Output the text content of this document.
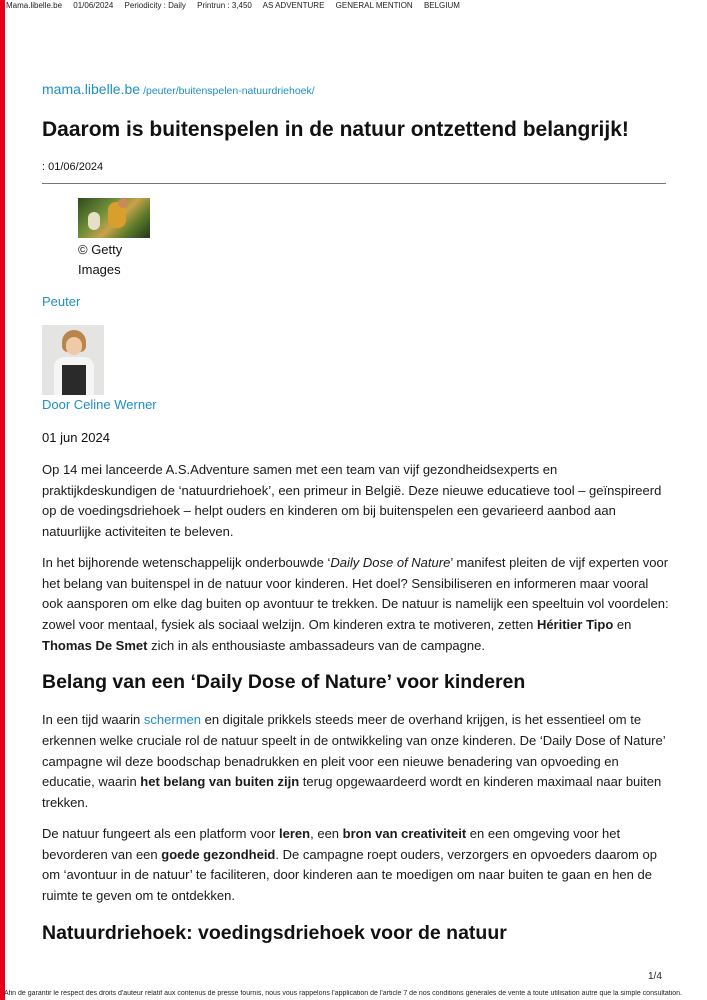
Mama.libelle.be 01/06/2024 Periodicity : Daily Printrun : 3,450 AS ADVENTURE GENERAL MENTION BELGIUM
mama.libelle.be /peuter/buitenspelen-natuurdriehoek/
Daarom is buitenspelen in de natuur ontzettend belangrijk!
: 01/06/2024
© Getty Images
Peuter
Door Celine Werner
01 jun 2024

Op 14 mei lanceerde A.S.Adventure samen met een team van vijf gezondheidsexperts en praktijkdeskundigen de ‘natuurdriehoek’, een primeur in België. Deze nieuwe educatieve tool – geïnspireerd op de voedingsdriehoek – helpt ouders en kinderen om bij buitenspelen een gevarieerd aanbod aan natuurlijke activiteiten te beleven.

In het bijhorende wetenschappelijk onderbouwde ‘Daily Dose of Nature’ manifest pleiten de vijf experten voor het belang van buitenspel in de natuur voor kinderen. Het doel? Sensibiliseren en informeren maar vooral ook aansporen om elke dag buiten op avontuur te trekken. De natuur is namelijk een speeltuin vol voordelen: zowel voor mentaal, fysiek als sociaal welzijn. Om kinderen extra te motiveren, zetten Héritier Tipo en Thomas De Smet zich in als enthousiaste ambassadeurs van de campagne.

Belang van een ‘Daily Dose of Nature’ voor kinderen

In een tijd waarin schermen en digitale prikkels steeds meer de overhand krijgen, is het essentieel om te erkennen welke cruciale rol de natuur speelt in de ontwikkeling van onze kinderen. De ‘Daily Dose of Nature’ campagne wil deze boodschap benadrukken en pleit voor een nieuwe benadering van opvoeding en educatie, waarin het belang van buiten zijn terug opgewaardeerd wordt en kinderen maximaal naar buiten trekken.

De natuur fungeert als een platform voor leren, een bron van creativiteit en een omgeving voor het bevorderen van een goede gezondheid. De campagne roept ouders, verzorgers en opvoeders daarom op om ‘avontuur in de natuur’ te faciliteren, door kinderen aan te moedigen om naar buiten te gaan en hen de ruimte te geven om te ontdekken.

Natuurdriehoek: voedingsdriehoek voor de natuur
1/4
Afin de garantir le respect des droits d'auteur relatif aux contenus de presse fournis, nous vous rappelons l'application de l'article 7 de nos conditions générales de vente à toute utilisation autre que la simple consultation.
